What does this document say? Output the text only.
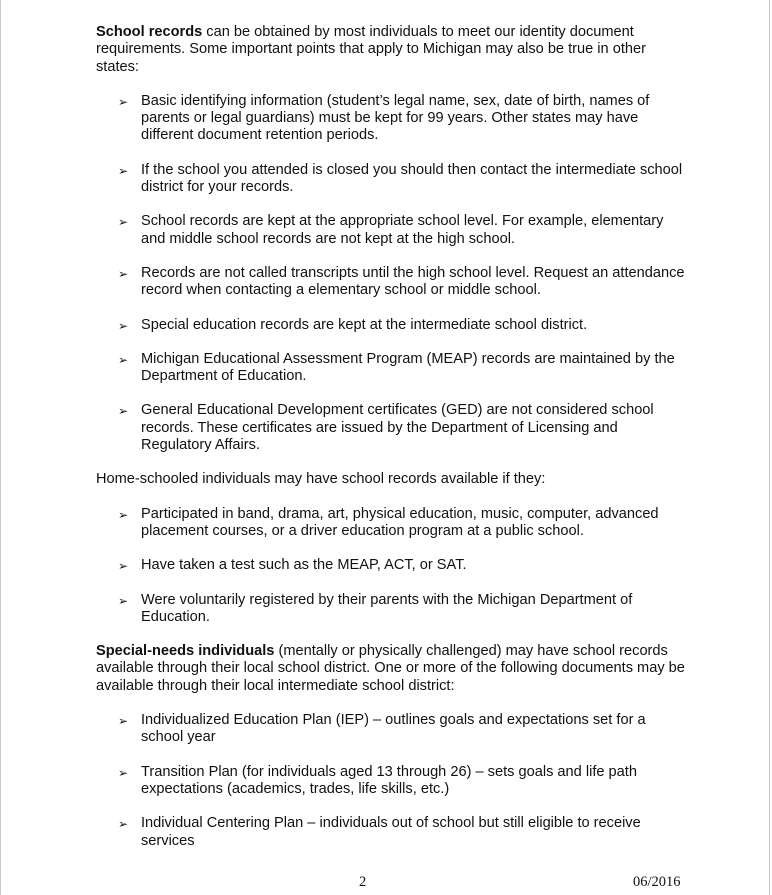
School records can be obtained by most individuals to meet our identity document requirements. Some important points that apply to Michigan may also be true in other states:

➢ Basic identifying information (student’s legal name, sex, date of birth, names of parents or legal guardians) must be kept for 99 years. Other states may have different document retention periods.
➢ If the school you attended is closed you should then contact the intermediate school district for your records.
➢ School records are kept at the appropriate school level. For example, elementary and middle school records are not kept at the high school.
➢ Records are not called transcripts until the high school level. Request an attendance record when contacting a elementary school or middle school.
➢ Special education records are kept at the intermediate school district.
➢ Michigan Educational Assessment Program (MEAP) records are maintained by the Department of Education.
➢ General Educational Development certificates (GED) are not considered school records. These certificates are issued by the Department of Licensing and Regulatory Affairs.

Home-schooled individuals may have school records available if they:

➢ Participated in band, drama, art, physical education, music, computer, advanced placement courses, or a driver education program at a public school.
➢ Have taken a test such as the MEAP, ACT, or SAT.
➢ Were voluntarily registered by their parents with the Michigan Department of Education.

Special-needs individuals (mentally or physically challenged) may have school records available through their local school district. One or more of the following documents may be available through their local intermediate school district:

➢ Individualized Education Plan (IEP) – outlines goals and expectations set for a school year
➢ Transition Plan (for individuals aged 13 through 26) – sets goals and life path expectations (academics, trades, life skills, etc.)
➢ Individual Centering Plan – individuals out of school but still eligible to receive services
2	06/2016
